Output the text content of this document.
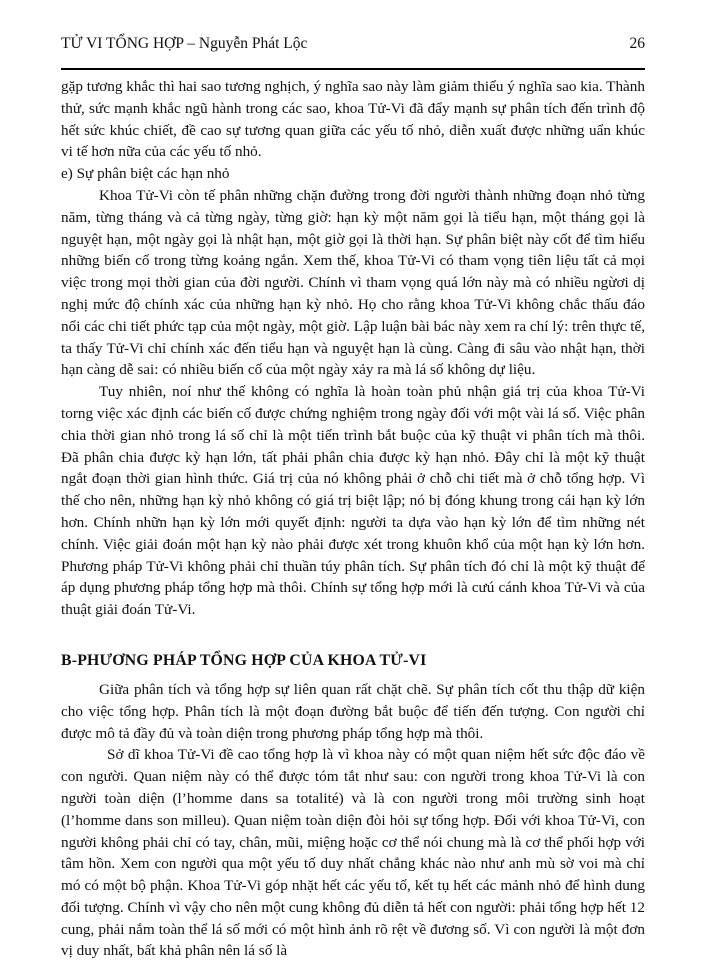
TỬ VI TỔNG HỢP – Nguyễn Phát Lộc	26

gặp tương khắc thì hai sao tương nghịch, ý nghĩa sao này làm giảm thiểu ý nghĩa sao kia. Thành thử, sức mạnh khắc ngũ hành trong các sao, khoa Tử-Vi đã đẩy mạnh sự phân tích đến trình độ hết sức khúc chiết, đề cao sự tương quan giữa các yếu tố nhỏ, diễn xuất được những uẩn khúc vi tế hơn nữa của các yếu tố nhỏ.

e) Sự phân biệt các hạn nhỏ

Khoa Tử-Vi còn tế phân những chặn đường trong đời người thành những đoạn nhỏ từng năm, từng tháng và cả từng ngày, từng giờ: hạn kỳ một năm gọi là tiểu hạn, một tháng gọi là nguyệt hạn, một ngày gọi là nhật hạn, một giờ gọi là thời hạn. Sự phân biệt này cốt để tìm hiểu những biến cố trong từng koảng ngắn. Xem thế, khoa Tử-Vi có tham vọng tiên liệu tất cả mọi việc trong mọi thời gian của đời người. Chính vì tham vọng quá lớn này mà có nhiều ngừơi dị nghị mức độ chính xác của những hạn kỳ nhỏ. Họ cho rằng khoa Tử-Vi không chắc thấu đáo nổi các chi tiết phức tạp của một ngày, một giờ. Lập luận bài bác này xem ra chí lý: trên thực tế, ta thấy Tử-Vi chỉ chính xác đến tiểu hạn và nguyệt hạn là cùng. Càng đi sâu vào nhật hạn, thời hạn càng dễ sai: có nhiều biến cố của một ngày xảy ra mà lá số không dự liệu.

Tuy nhiên, noí như thế không có nghĩa là hoàn toàn phủ nhận giá trị của khoa Tử-Vi torng việc xác định các biến cố được chứng nghiệm trong ngày đối với một vài lá số. Việc phân chia thời gian nhỏ trong lá số chỉ là một tiến trình bắt buộc của kỹ thuật vi phân tích mà thôi. Đã phân chia được kỳ hạn lớn, tất phải phân chia được kỳ hạn nhỏ. Đây chỉ là một kỹ thuật ngắt đoạn thời gian hình thức. Giá trị của nó không phải ở chỗ chi tiết mà ở chỗ tổng hợp. Vì thế cho nên, những hạn kỳ nhỏ không có giá trị biệt lập; nó bị đóng khung trong cái hạn kỳ lớn hơn. Chính nhữn hạn kỳ lớn mới quyết định: người ta dựa vào hạn kỳ lớn để tìm những nét chính. Việc giải đoán một hạn kỳ nào phải được xét trong khuôn khổ của một hạn kỳ lớn hơn. Phương pháp Tử-Vi không phải chỉ thuần túy phân tích. Sự phân tích đó chỉ là một kỹ thuật để áp dụng phương pháp tổng hợp mà thôi. Chính sự tổng hợp mới là cưú cánh khoa Tử-Vi và của thuật giải đoán Tử-Vi.

B-PHƯƠNG PHÁP TỔNG HỢP CỦA KHOA TỬ-VI

Giữa phân tích và tổng hợp sự liên quan rất chặt chẽ. Sự phân tích cốt thu thập dữ kiện cho việc tổng hợp. Phân tích là một đoạn đường bắt buộc để tiến đến tượng. Con người chỉ được mô tả đầy đủ và toàn diện trong phương pháp tổng hợp mà thôi.

Sở dĩ khoa Tử-Vi đề cao tổng hợp là vì khoa này có một quan niệm hết sức độc đáo về con người. Quan niệm này có thể được tóm tắt như sau: con người trong khoa Tử-Vi là con người toàn diện (l’homme dans sa totalité) và là con người trong môi trường sinh hoạt (l’homme dans son milleu). Quan niệm toàn diện đòi hỏi sự tổng hợp. Đối với khoa Tử-Vi, con người không phải chỉ có tay, chân, mũi, miệng hoặc cơ thể nói chung mà là cơ thể phối hợp với tâm hồn. Xem con người qua một yếu tố duy nhất chẳng khác nào như anh mù sờ voi mà chỉ mó có một bộ phận. Khoa Tử-Vi góp nhặt hết các yếu tố, kết tụ hết các mảnh nhỏ để hình dung đối tượng. Chính vì vậy cho nên một cung không đủ diễn tả hết con người: phải tổng hợp hết 12 cung, phải nắm toàn thể lá số mới có một hình ảnh rõ rệt về đương số. Vì con người là một đơn vị duy nhất, bất khả phân nên lá số là
